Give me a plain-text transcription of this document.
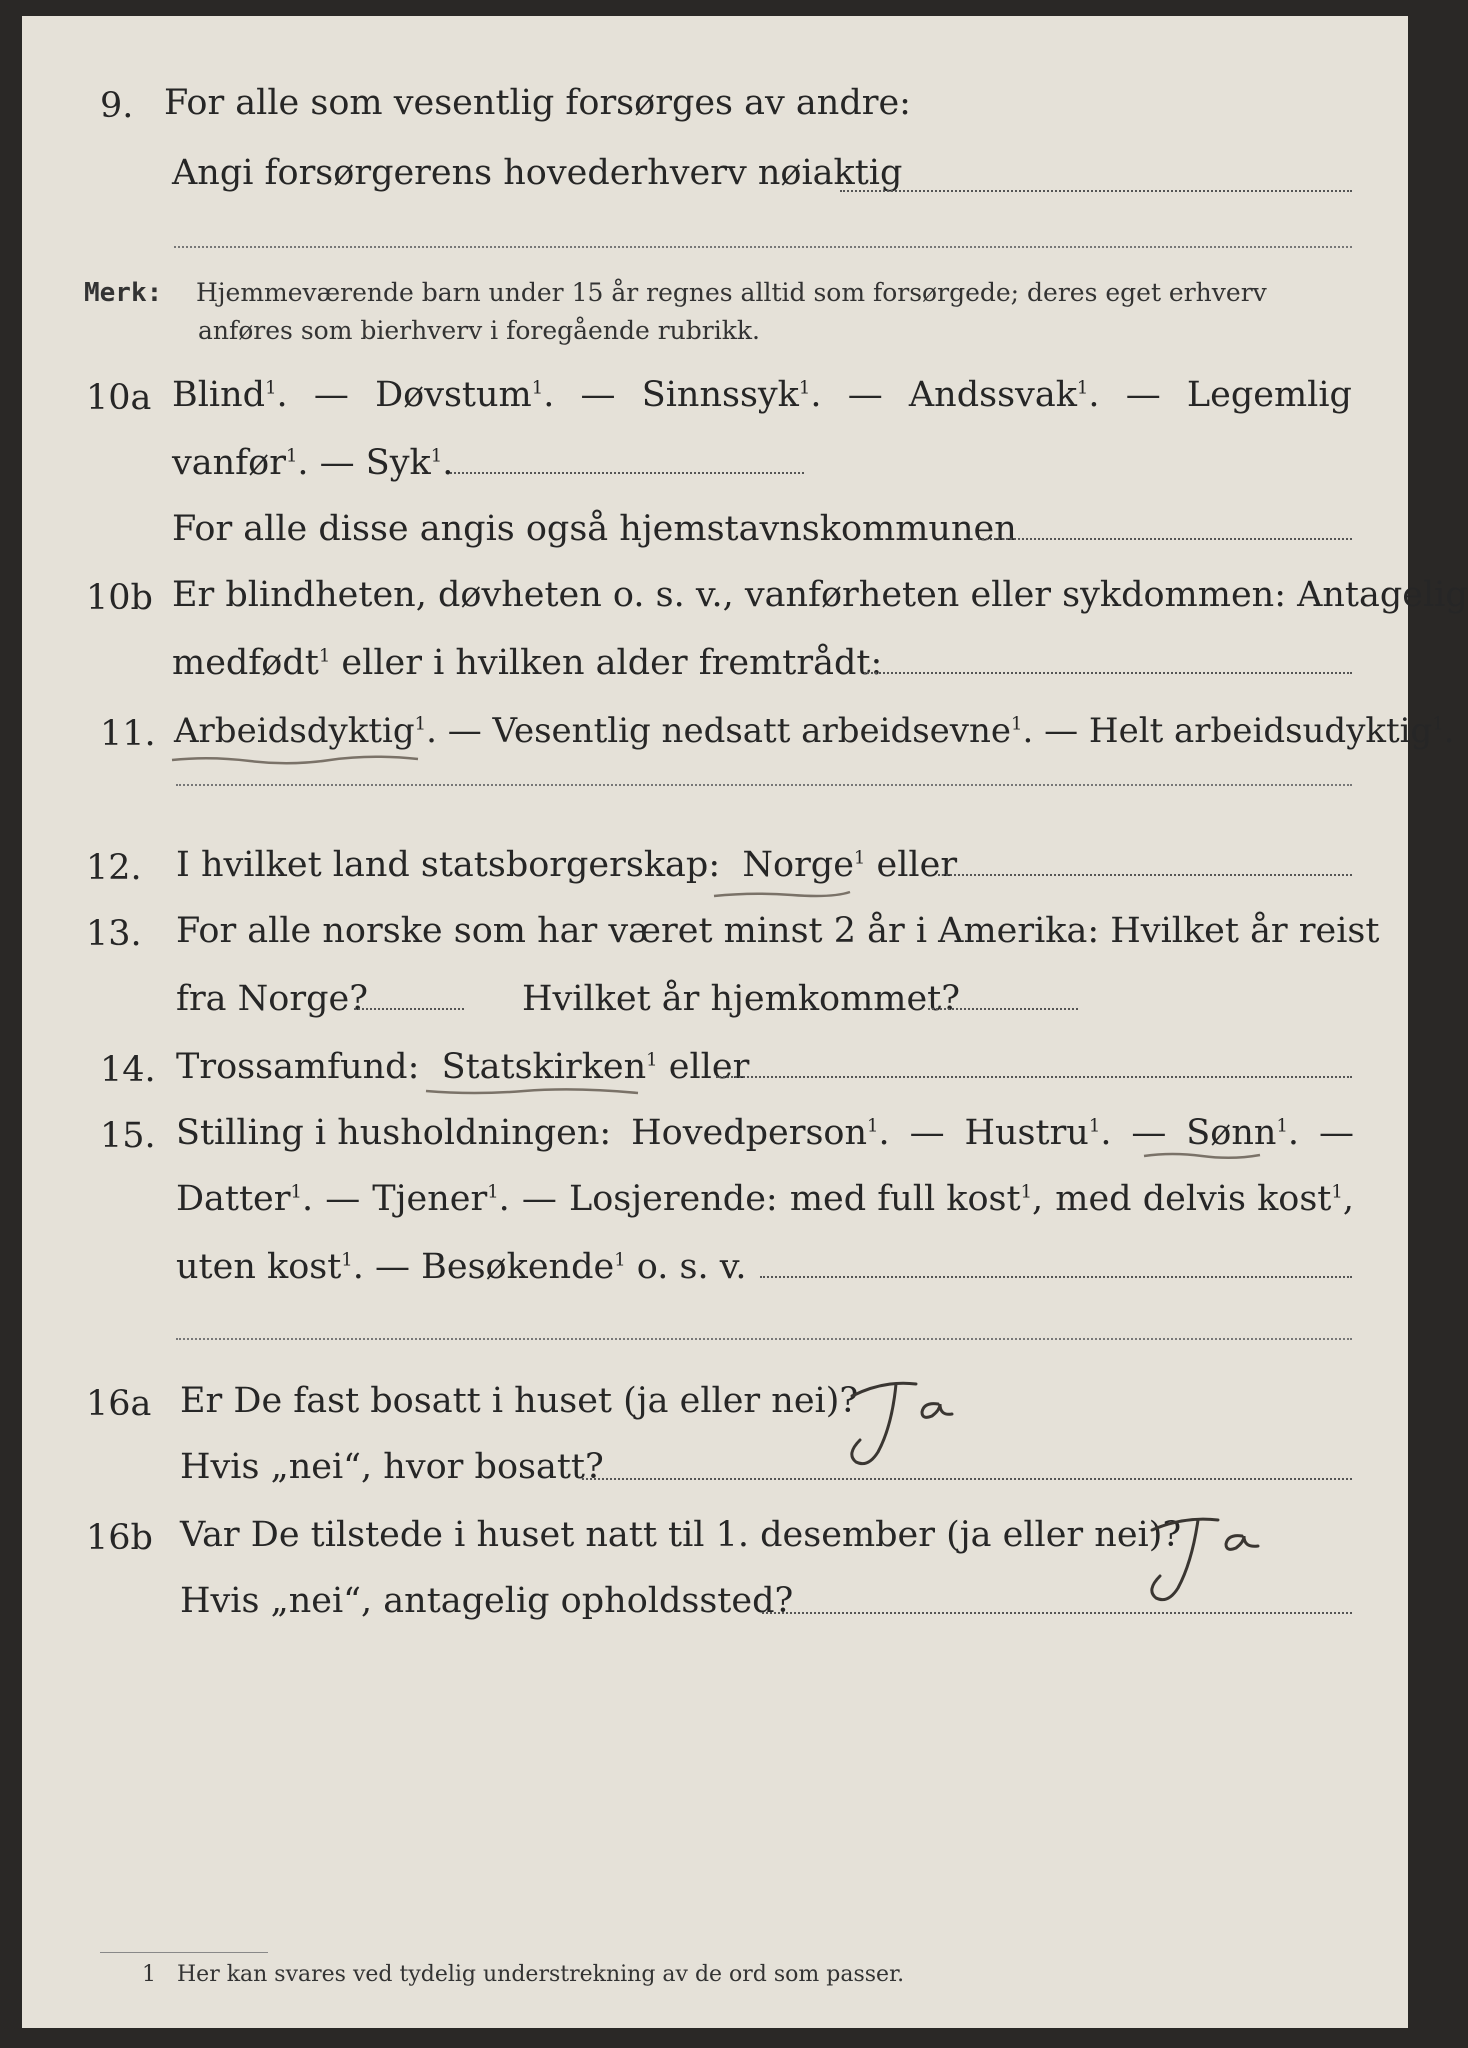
9. For alle som vesentlig forsørges av andre:
Angi forsørgerens hovederhverv nøiaktig
Merk: Hjemmeværende barn under 15 år regnes alltid som forsørgede; deres eget erhverv
anføres som bierhverv i foregående rubrikk.
10a Blind$^1$. — Døvstum$^1$. — Sinnssyk$^1$. — Andssvak$^1$. — Legemlig
vanfør$^1$. — Syk$^1$.
For alle disse angis også hjemstavnskommunen
10b Er blindheten, døvheten o. s. v., vanførheten eller sykdommen: Antagelig
medfødt$^1$ eller i hvilken alder fremtrådt:
11. Arbeidsdyktig$^1$. — Vesentlig nedsatt arbeidsevne$^1$. — Helt arbeidsudyktig$^1$.
12. I hvilket land statsborgerskap: Norge$^1$ eller
13. For alle norske som har været minst 2 år i Amerika: Hvilket år reist
fra Norge?	Hvilket år hjemkommet?
14. Trossamfund: Statskirken$^1$ eller
15. Stilling i husholdningen: Hovedperson$^1$. — Hustru$^1$. — Sønn$^1$. —
Datter$^1$. — Tjener$^1$. — Losjerende: med full kost$^1$, med delvis kost$^1$,
uten kost$^1$. — Besøkende$^1$ o. s. v.
16a Er De fast bosatt i huset (ja eller nei)?
Ja
Hvis „nei“, hvor bosatt?
16b Var De tilstede i huset natt til 1. desember (ja eller nei)?
Ja
Hvis „nei“, antagelig opholdssted?
1 Her kan svares ved tydelig understrekning av de ord som passer.
